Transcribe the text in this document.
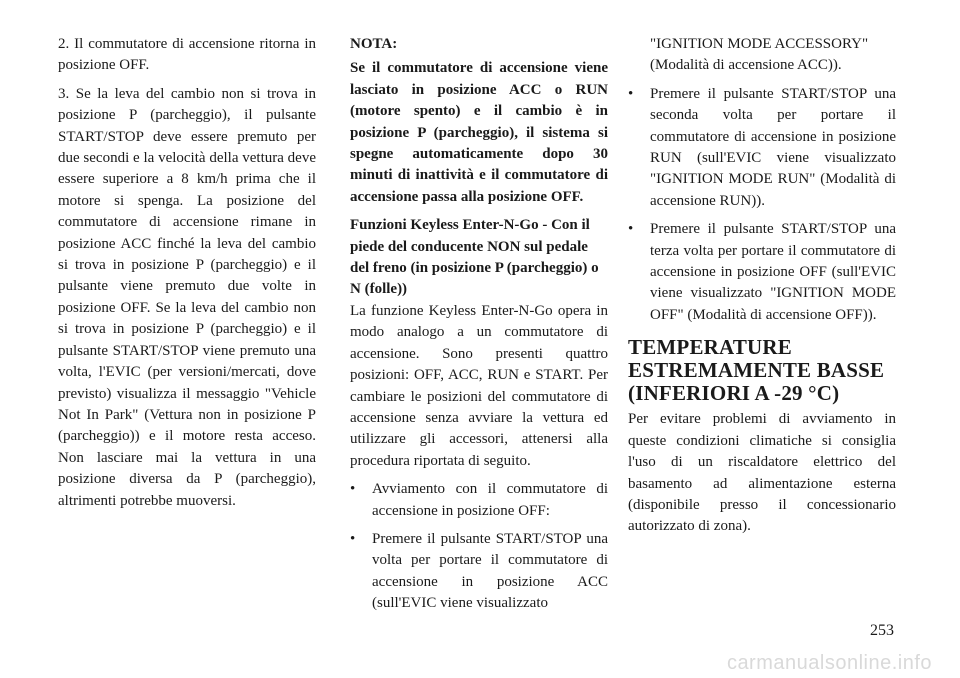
2. Il commutatore di accensione ritorna in posizione OFF.

3. Se la leva del cambio non si trova in posizione P (parcheggio), il pulsante START/STOP deve essere premuto per due secondi e la velocità della vettura deve essere superiore a 8 km/h prima che il motore si spenga. La posizione del commutatore di accensione rimane in posizione ACC finché la leva del cambio si trova in posizione P (parcheggio) e il pulsante viene premuto due volte in posizione OFF. Se la leva del cambio non si trova in posizione P (parcheggio) e il pulsante START/STOP viene premuto una volta, l'EVIC (per versioni/mercati, dove previsto) visualizza il messaggio "Vehicle Not In Park" (Vettura non in posizione P (parcheggio)) e il motore resta acceso. Non lasciare mai la vettura in una posizione diversa da P (parcheggio), altrimenti potrebbe muoversi.

NOTA:

Se il commutatore di accensione viene lasciato in posizione ACC o RUN (motore spento) e il cambio è in posizione P (parcheggio), il sistema si spegne automaticamente dopo 30 minuti di inattività e il commutatore di accensione passa alla posizione OFF.

Funzioni Keyless Enter-N-Go - Con il piede del conducente NON sul pedale del freno (in posizione P (parcheggio) o N (folle))

La funzione Keyless Enter-N-Go opera in modo analogo a un commutatore di accensione. Sono presenti quattro posizioni: OFF, ACC, RUN e START. Per cambiare le posizioni del commutatore di accensione senza avviare la vettura ed utilizzare gli accessori, attenersi alla procedura riportata di seguito.

• Avviamento con il commutatore di accensione in posizione OFF:
• Premere il pulsante START/STOP una volta per portare il commutatore di accensione in posizione ACC (sull'EVIC viene visualizzato

"IGNITION MODE ACCESSORY" (Modalità di accensione ACC)).

• Premere il pulsante START/STOP una seconda volta per portare il commutatore di accensione in posizione RUN (sull'EVIC viene visualizzato "IGNITION MODE RUN" (Modalità di accensione RUN)).
• Premere il pulsante START/STOP una terza volta per portare il commutatore di accensione in posizione OFF (sull'EVIC viene visualizzato "IGNITION MODE OFF" (Modalità di accensione OFF)).
TEMPERATURE
ESTREMAMENTE BASSE
(INFERIORI A -29 °C)

Per evitare problemi di avviamento in queste condizioni climatiche si consiglia l'uso di un riscaldatore elettrico del basamento ad alimentazione esterna (disponibile presso il concessionario autorizzato di zona).

253
carmanualsonline.info
